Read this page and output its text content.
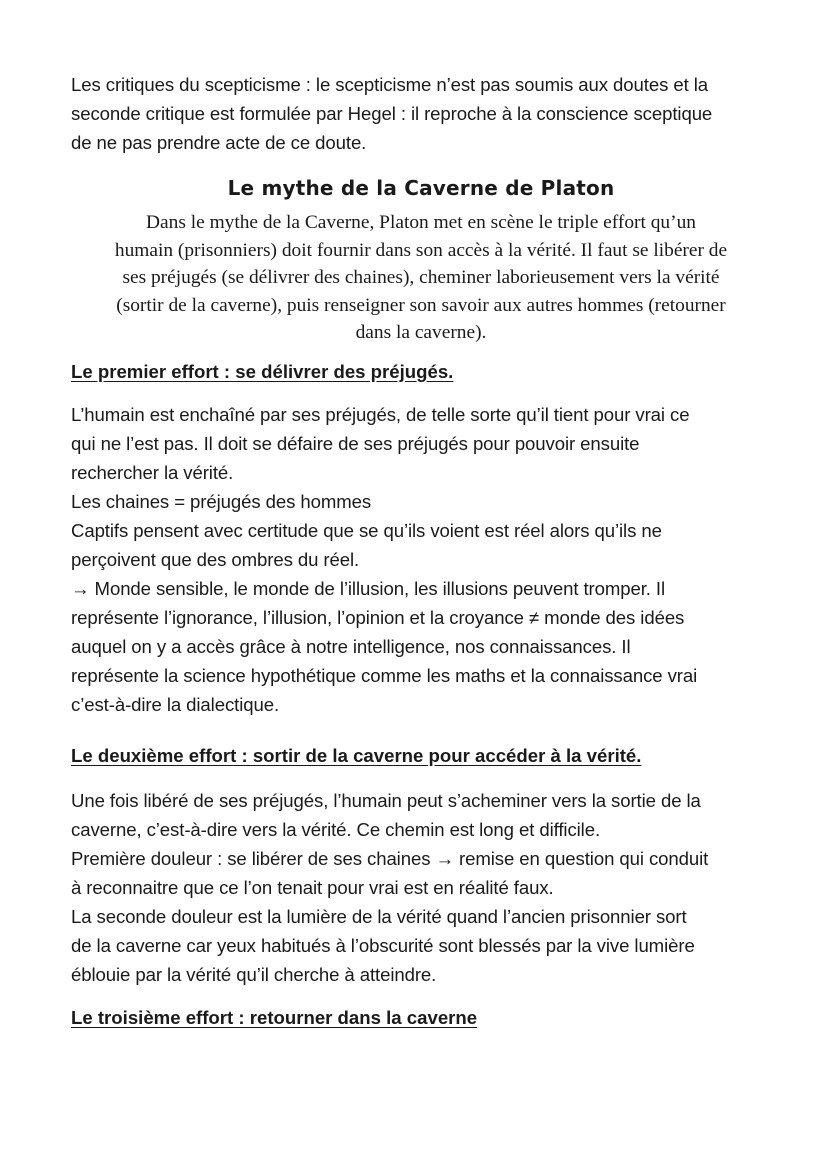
Les critiques du scepticisme : le scepticisme n’est pas soumis aux doutes et la
seconde critique est formulée par Hegel : il reproche à la conscience sceptique
de ne pas prendre acte de ce doute.

Le mythe de la Caverne de Platon

Dans le mythe de la Caverne, Platon met en scène le triple effort qu’un
humain (prisonniers) doit fournir dans son accès à la vérité. Il faut se libérer de
ses préjugés (se délivrer des chaines), cheminer laborieusement vers la vérité
(sortir de la caverne), puis renseigner son savoir aux autres hommes (retourner
dans la caverne).

Le premier effort : se délivrer des préjugés.

L’humain est enchaîné par ses préjugés, de telle sorte qu’il tient pour vrai ce
qui ne l’est pas. Il doit se défaire de ses préjugés pour pouvoir ensuite
rechercher la vérité.
Les chaines = préjugés des hommes
Captifs pensent avec certitude que se qu’ils voient est réel alors qu’ils ne
perçoivent que des ombres du réel.
→ Monde sensible, le monde de l’illusion, les illusions peuvent tromper. Il
représente l’ignorance, l’illusion, l’opinion et la croyance ≠ monde des idées
auquel on y a accès grâce à notre intelligence, nos connaissances. Il
représente la science hypothétique comme les maths et la connaissance vrai
c’est-à-dire la dialectique.

Le deuxième effort : sortir de la caverne pour accéder à la vérité.

Une fois libéré de ses préjugés, l’humain peut s’acheminer vers la sortie de la
caverne, c’est-à-dire vers la vérité. Ce chemin est long et difficile.
Première douleur : se libérer de ses chaines → remise en question qui conduit
à reconnaitre que ce l’on tenait pour vrai est en réalité faux.
La seconde douleur est la lumière de la vérité quand l’ancien prisonnier sort
de la caverne car yeux habitués à l’obscurité sont blessés par la vive lumière
éblouie par la vérité qu’il cherche à atteindre.

Le troisième effort : retourner dans la caverne
